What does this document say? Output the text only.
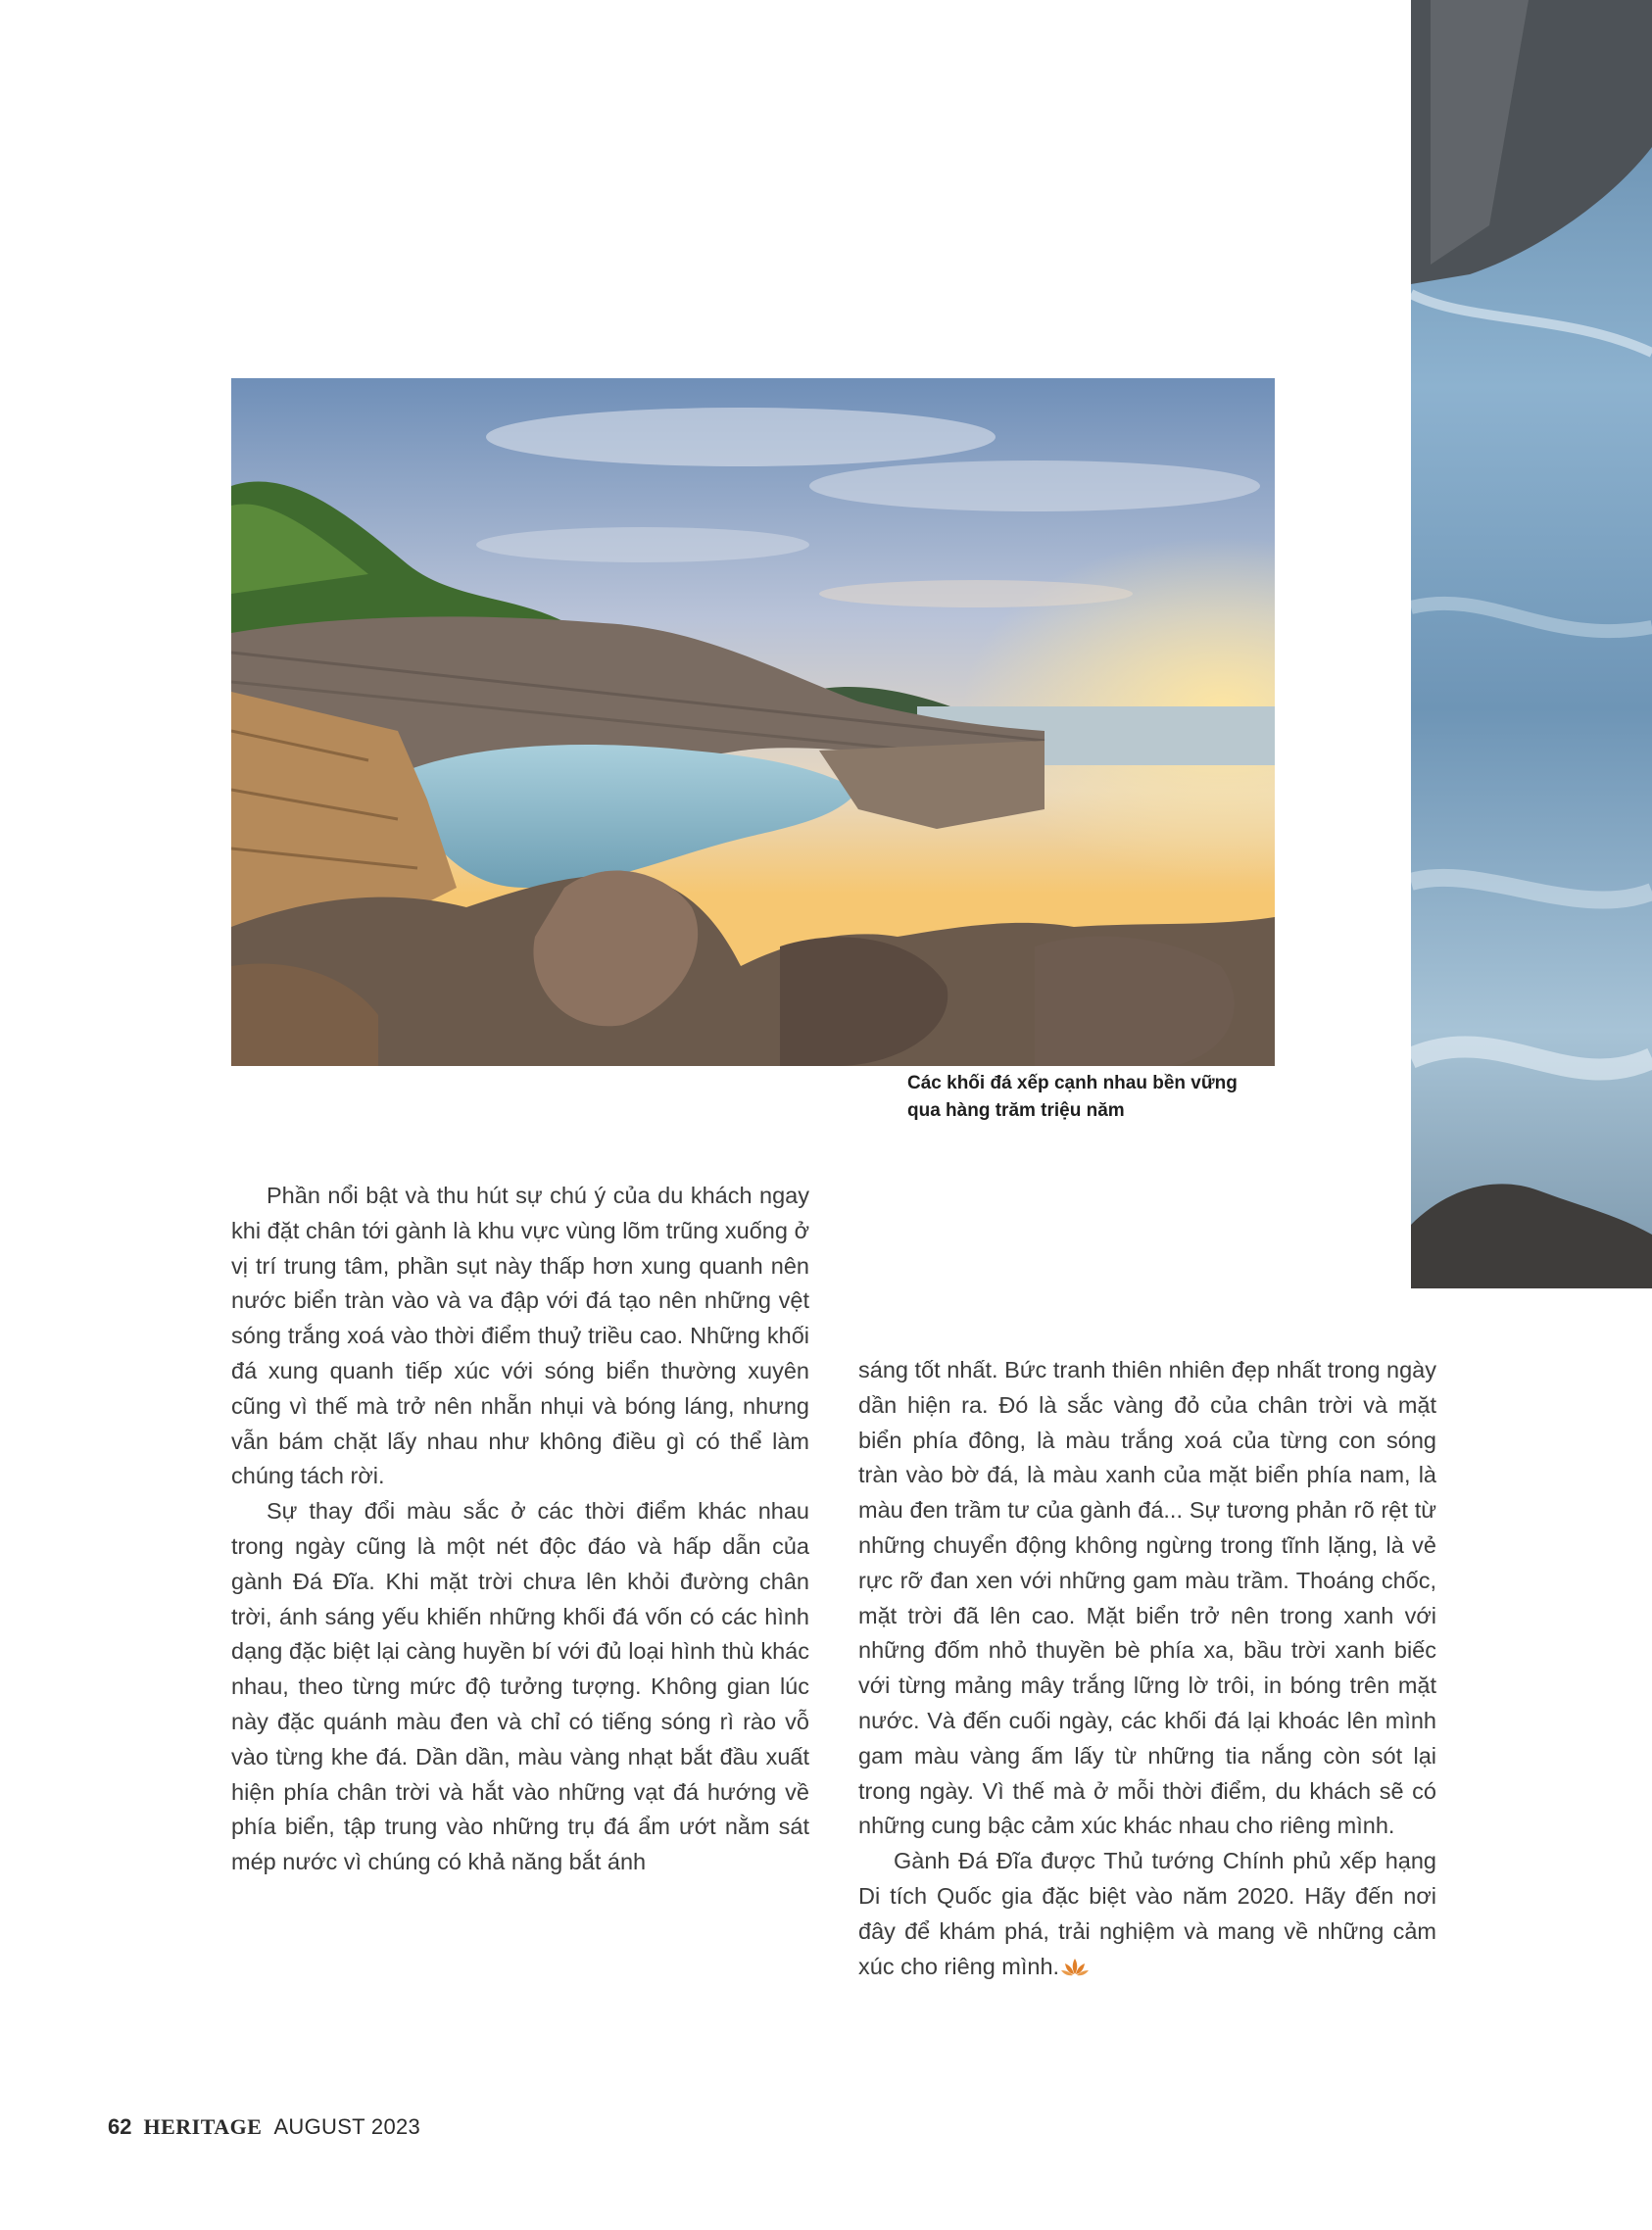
Các khối đá xếp cạnh nhau bền vững
qua hàng trăm triệu năm

Phần nổi bật và thu hút sự chú ý của du khách ngay khi đặt chân tới gành là khu vực vùng lõm trũng xuống ở vị trí trung tâm, phần sụt này thấp hơn xung quanh nên nước biển tràn vào và va đập với đá tạo nên những vệt sóng trắng xoá vào thời điểm thuỷ triều cao. Những khối đá xung quanh tiếp xúc với sóng biển thường xuyên cũng vì thế mà trở nên nhẵn nhụi và bóng láng, nhưng vẫn bám chặt lấy nhau như không điều gì có thể làm chúng tách rời.

Sự thay đổi màu sắc ở các thời điểm khác nhau trong ngày cũng là một nét độc đáo và hấp dẫn của gành Đá Đĩa. Khi mặt trời chưa lên khỏi đường chân trời, ánh sáng yếu khiến những khối đá vốn có các hình dạng đặc biệt lại càng huyền bí với đủ loại hình thù khác nhau, theo từng mức độ tưởng tượng. Không gian lúc này đặc quánh màu đen và chỉ có tiếng sóng rì rào vỗ vào từng khe đá. Dần dần, màu vàng nhạt bắt đầu xuất hiện phía chân trời và hắt vào những vạt đá hướng về phía biển, tập trung vào những trụ đá ẩm ướt nằm sát mép nước vì chúng có khả năng bắt ánh

sáng tốt nhất. Bức tranh thiên nhiên đẹp nhất trong ngày dần hiện ra. Đó là sắc vàng đỏ của chân trời và mặt biển phía đông, là màu trắng xoá của từng con sóng tràn vào bờ đá, là màu xanh của mặt biển phía nam, là màu đen trầm tư của gành đá... Sự tương phản rõ rệt từ những chuyển động không ngừng trong tĩnh lặng, là vẻ rực rỡ đan xen với những gam màu trầm. Thoáng chốc, mặt trời đã lên cao. Mặt biển trở nên trong xanh với những đốm nhỏ thuyền bè phía xa, bầu trời xanh biếc với từng mảng mây trắng lững lờ trôi, in bóng trên mặt nước. Và đến cuối ngày, các khối đá lại khoác lên mình gam màu vàng ấm lấy từ những tia nắng còn sót lại trong ngày. Vì thế mà ở mỗi thời điểm, du khách sẽ có những cung bậc cảm xúc khác nhau cho riêng mình.

Gành Đá Đĩa được Thủ tướng Chính phủ xếp hạng Di tích Quốc gia đặc biệt vào năm 2020. Hãy đến nơi đây để khám phá, trải nghiệm và mang về những cảm xúc cho riêng mình.

62 HERITAGE AUGUST 2023
